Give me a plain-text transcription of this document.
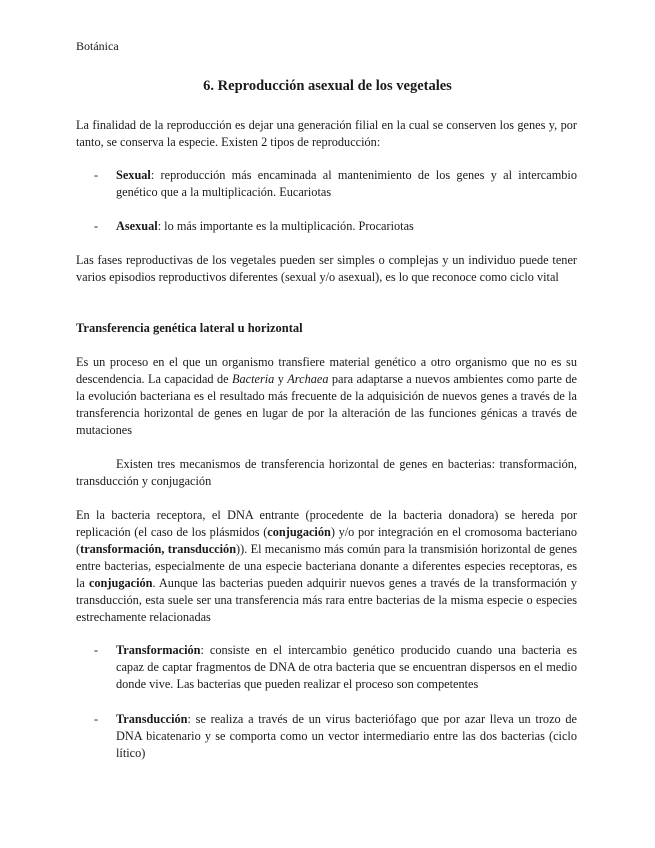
Botánica
6. Reproducción asexual de los vegetales

La finalidad de la reproducción es dejar una generación filial en la cual se conserven los genes y, por tanto, se conserva la especie. Existen 2 tipos de reproducción:

- Sexual: reproducción más encaminada al mantenimiento de los genes y al intercambio genético que a la multiplicación. Eucariotas
- Asexual: lo más importante es la multiplicación. Procariotas

Las fases reproductivas de los vegetales pueden ser simples o complejas y un individuo puede tener varios episodios reproductivos diferentes (sexual y/o asexual), es lo que reconoce como ciclo vital

Transferencia genética lateral u horizontal

Es un proceso en el que un organismo transfiere material genético a otro organismo que no es su descendencia. La capacidad de Bacteria y Archaea para adaptarse a nuevos ambientes como parte de la evolución bacteriana es el resultado más frecuente de la adquisición de nuevos genes a través de la transferencia horizontal de genes en lugar de por la alteración de las funciones génicas a través de mutaciones

Existen tres mecanismos de transferencia horizontal de genes en bacterias: transformación, transducción y conjugación

En la bacteria receptora, el DNA entrante (procedente de la bacteria donadora) se hereda por replicación (el caso de los plásmidos (conjugación) y/o por integración en el cromosoma bacteriano (transformación, transducción)). El mecanismo más común para la transmisión horizontal de genes entre bacterias, especialmente de una especie bacteriana donante a diferentes especies receptoras, es la conjugación. Aunque las bacterias pueden adquirir nuevos genes a través de la transformación y transducción, esta suele ser una transferencia más rara entre bacterias de la misma especie o especies estrechamente relacionadas

- Transformación: consiste en el intercambio genético producido cuando una bacteria es capaz de captar fragmentos de DNA de otra bacteria que se encuentran dispersos en el medio donde vive. Las bacterias que pueden realizar el proceso son competentes
- Transducción: se realiza a través de un virus bacteriófago que por azar lleva un trozo de DNA bicatenario y se comporta como un vector intermediario entre las dos bacterias (ciclo lítico)
